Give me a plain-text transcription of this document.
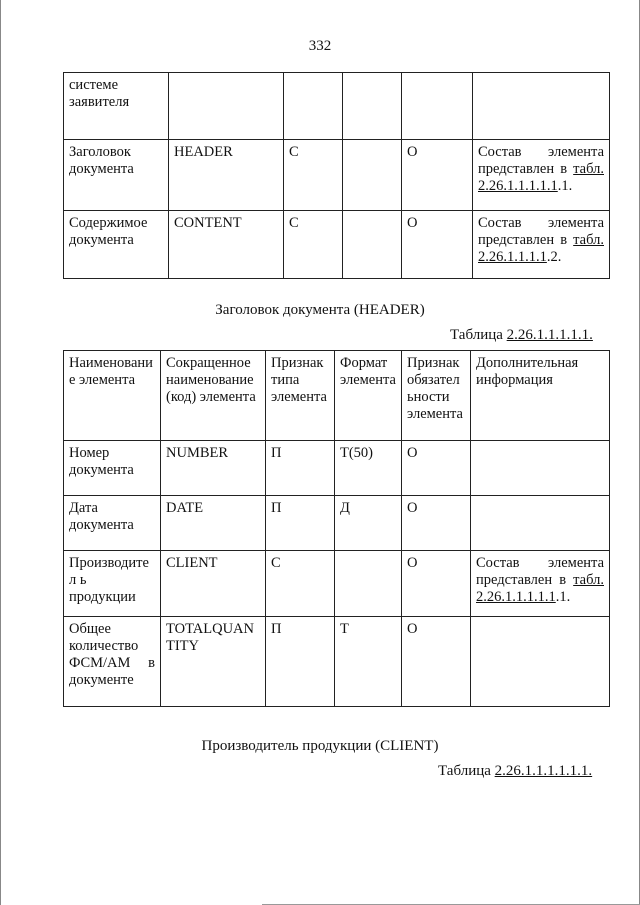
332
системе заявителя					
Заголовок документа	HEADER	С		О	Состав элемента представлен в табл. 2.26.1.1.1.1.1.1.
Содержимое документа	CONTENT	С		О	Состав элемента представлен в табл. 2.26.1.1.1.1.2.
Заголовок документа (HEADER)
Таблица 2.26.1.1.1.1.1.
Наименовани е элемента	Сокращенное наименование (код) элемента	Признак типа элемента	Формат элемента	Признак обязател ьности элемента	Дополнительная информация
Номер документа	NUMBER	П	Т(50)	О	
Дата документа	DATE	П	Д	О	
Производител ь продукции	CLIENT	С		О	Состав элемента представлен в табл. 2.26.1.1.1.1.1.1.
Общее количество ФСМ/АМ в документе	TOTALQUAN TITY	П	Т	О	
Производитель продукции (CLIENT)
Таблица 2.26.1.1.1.1.1.1.
